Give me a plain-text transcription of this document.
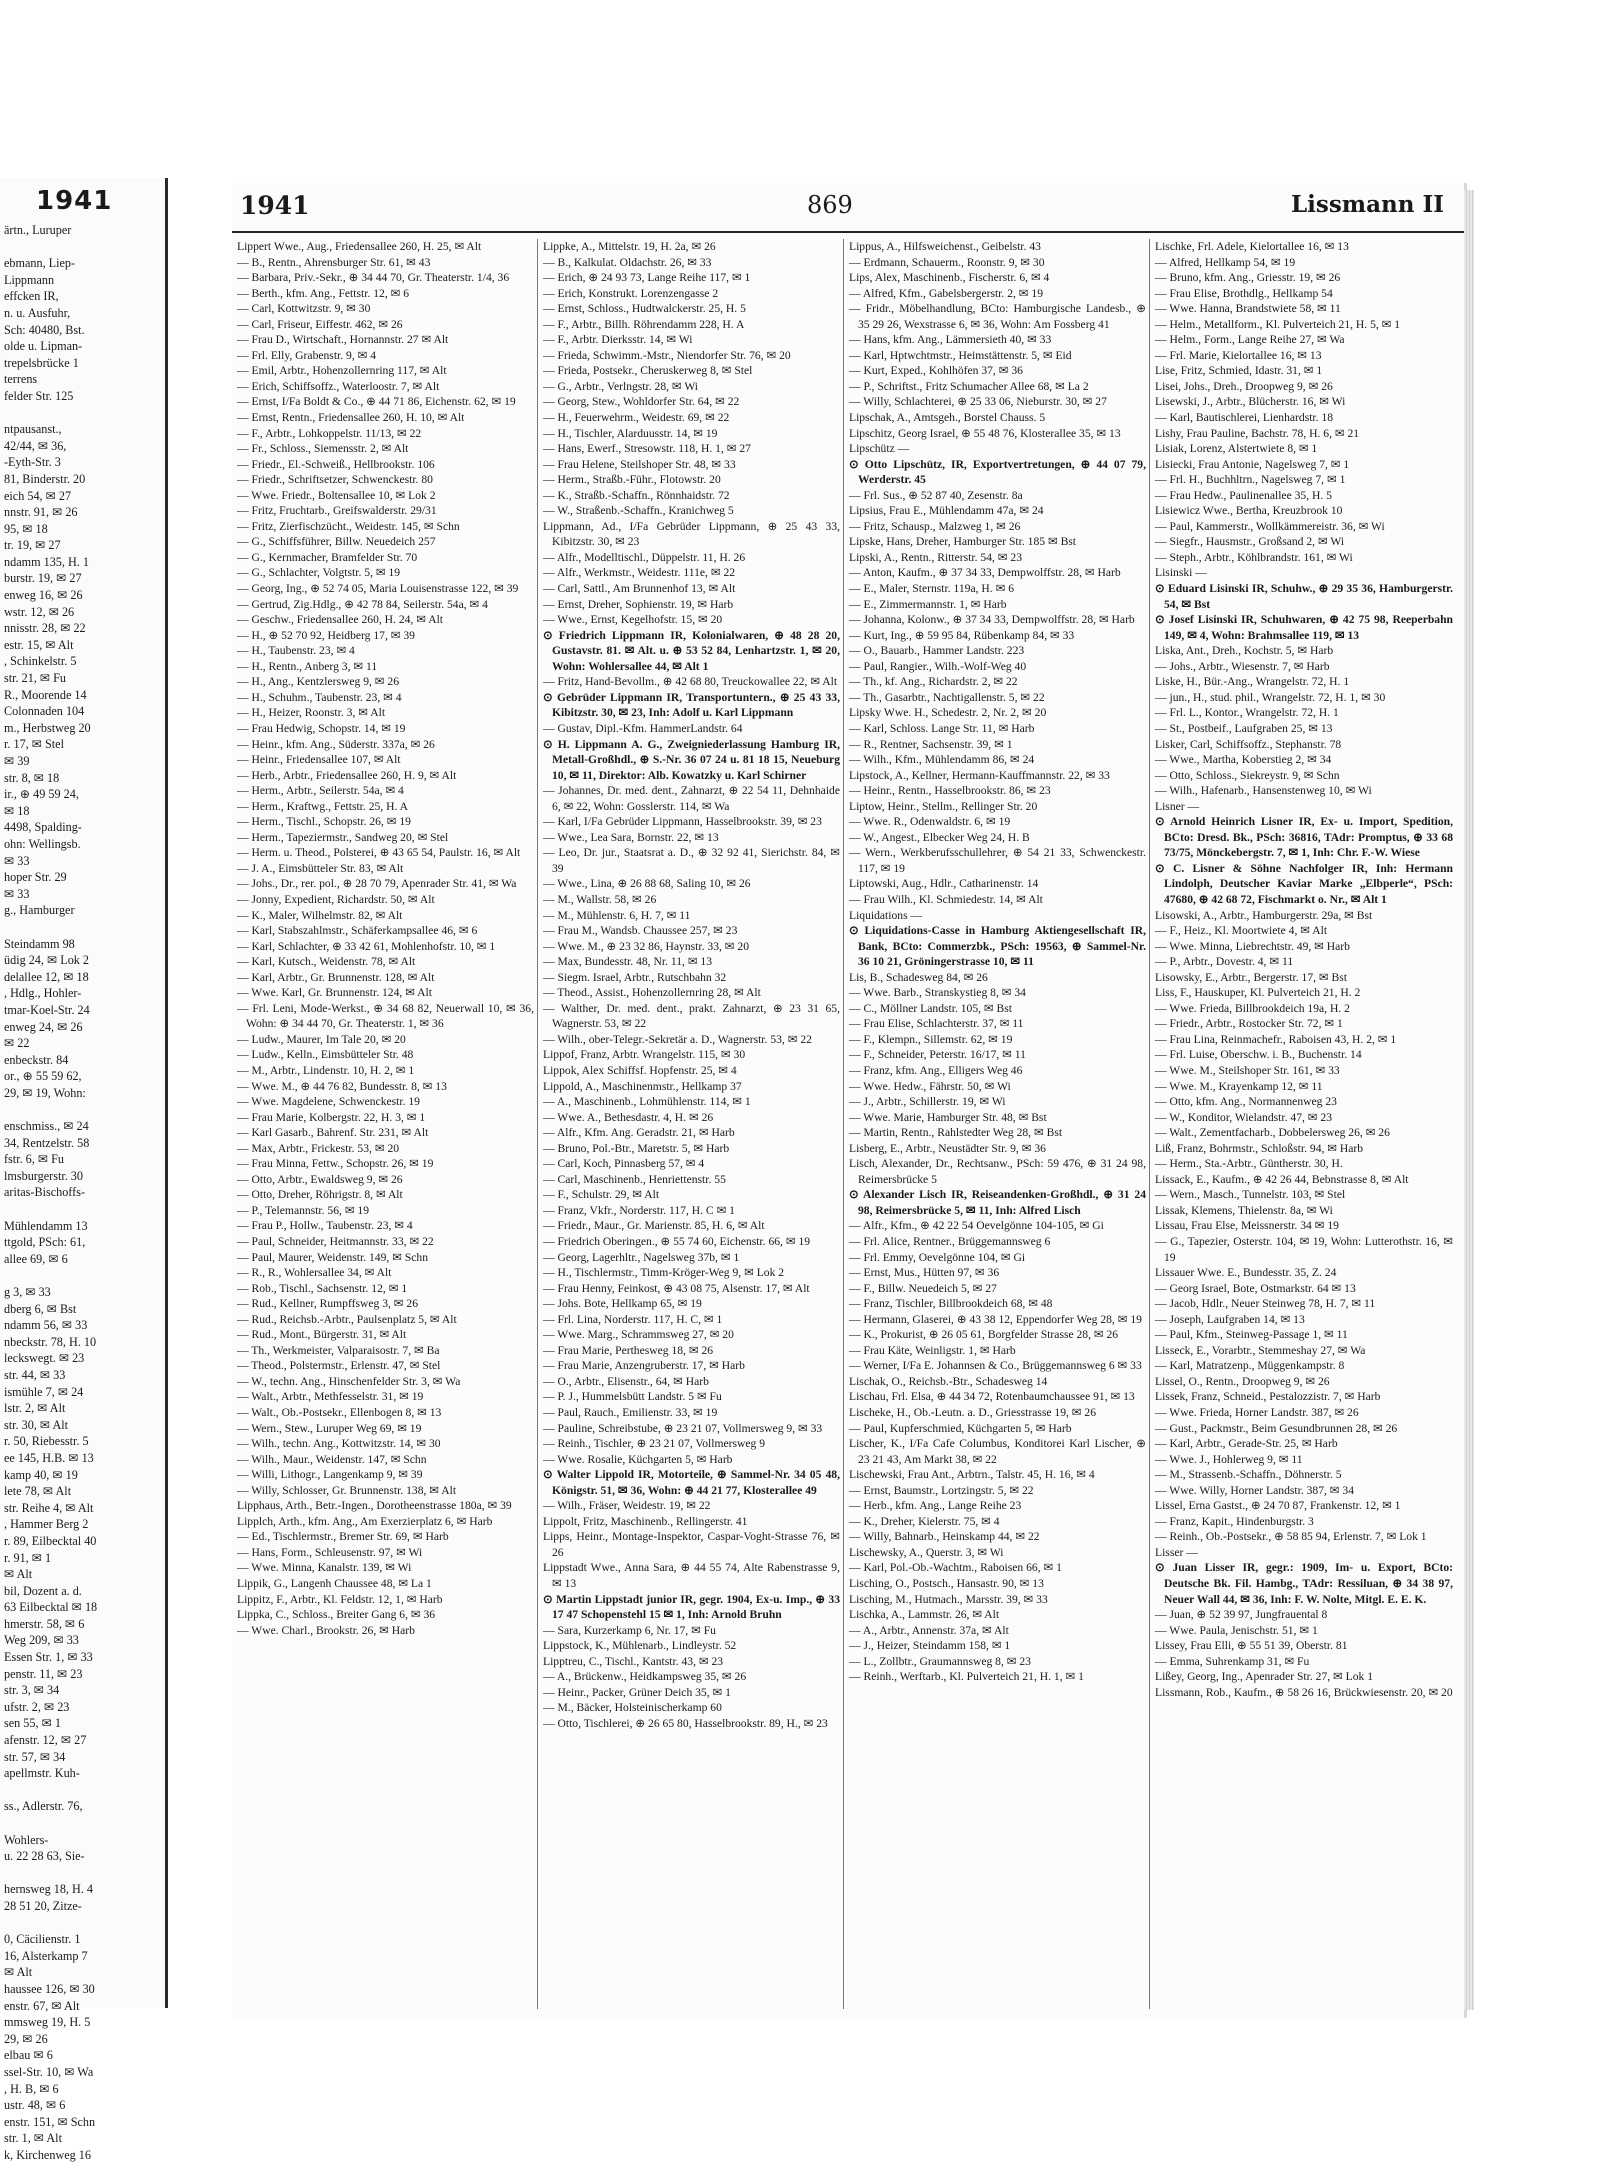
1941
ärtn., Luruper

ebmann, Liep-
Lippmann
effcken IR,
n. u. Ausfuhr,
Sch: 40480, Bst.
olde u. Lipman-
trepelsbrücke 1
terrens
felder Str. 125

ntpausanst.,
42/44, ✉ 36,
-Eyth-Str. 3
81, Binderstr. 20
eich 54, ✉ 27
nnstr. 91, ✉ 26
95, ✉ 18
tr. 19, ✉ 27
ndamm 135, H. 1
burstr. 19, ✉ 27
enweg 16, ✉ 26
wstr. 12, ✉ 26
nnisstr. 28, ✉ 22
estr. 15, ✉ Alt
, Schinkelstr. 5
str. 21, ✉ Fu
R., Moorende 14
Colonnaden 104
m., Herbstweg 20
r. 17, ✉ Stel
✉ 39
str. 8, ✉ 18
ir., ⊕ 49 59 24,
✉ 18
4498, Spalding-
ohn: Wellingsb.
✉ 33
hoper Str. 29
✉ 33
g., Hamburger

Steindamm 98
üdig 24, ✉ Lok 2
delallee 12, ✉ 18
, Hdlg., Hohler-
tmar-Koel-Str. 24
enweg 24, ✉ 26
✉ 22
enbeckstr. 84
or., ⊕ 55 59 62,
29, ✉ 19, Wohn:

enschmiss., ✉ 24
34, Rentzelstr. 58
fstr. 6, ✉ Fu
lmsburgerstr. 30
aritas-Bischoffs-

Mühlendamm 13
ttgold, PSch: 61,
allee 69, ✉ 6

g 3, ✉ 33
dberg 6, ✉ Bst
ndamm 56, ✉ 33
nbeckstr. 78, H. 10
leckswegt. ✉ 23
str. 44, ✉ 33
ismühle 7, ✉ 24
lstr. 2, ✉ Alt
str. 30, ✉ Alt
r. 50, Riebesstr. 5
ee 145, H.B. ✉ 13
kamp 40, ✉ 19
lete 78, ✉ Alt
str. Reihe 4, ✉ Alt
, Hammer Berg 2
r. 89, Eilbecktal 40
r. 91, ✉ 1
✉ Alt
bil, Dozent a. d.
63 Eilbecktal ✉ 18
hmerstr. 58, ✉ 6
Weg 209, ✉ 33
Essen Str. 1, ✉ 33
penstr. 11, ✉ 23
str. 3, ✉ 34
ufstr. 2, ✉ 23
sen 55, ✉ 1
afenstr. 12, ✉ 27
str. 57, ✉ 34
apellmstr. Kuh-

ss., Adlerstr. 76,

Wohlers-
u. 22 28 63, Sie-

hernsweg 18, H. 4
28 51 20, Zitze-

0, Cäcilienstr. 1
16, Alsterkamp 7
✉ Alt
haussee 126, ✉ 30
enstr. 67, ✉ Alt
mmsweg 19, H. 5
29, ✉ 26
elbau ✉ 6
ssel-Str. 10, ✉ Wa
, H. B, ✉ 6
ustr. 48, ✉ 6
enstr. 151, ✉ Schn
str. 1, ✉ Alt
k, Kirchenweg 16
1941	869	Lissmann II

Lippert Wwe., Aug., Friedensallee 260, H. 25, ✉ Alt

— B., Rentn., Ahrensburger Str. 61, ✉ 43

— Barbara, Priv.-Sekr., ⊕ 34 44 70, Gr. Theaterstr. 1/4, 36

— Berth., kfm. Ang., Fettstr. 12, ✉ 6

— Carl, Kottwitzstr. 9, ✉ 30

— Carl, Friseur, Eiffestr. 462, ✉ 26

— Frau D., Wirtschaft., Hornannstr. 27 ✉ Alt

— Frl. Elly, Grabenstr. 9, ✉ 4

— Emil, Arbtr., Hohenzollernring 117, ✉ Alt

— Erich, Schiffsoffz., Waterloostr. 7, ✉ Alt

— Ernst, I/Fa Boldt & Co., ⊕ 44 71 86, Eichenstr. 62, ✉ 19

— Ernst, Rentn., Friedensallee 260, H. 10, ✉ Alt

— F., Arbtr., Lohkoppelstr. 11/13, ✉ 22

— Fr., Schloss., Siemensstr. 2, ✉ Alt

— Friedr., El.-Schweiß., Hellbrookstr. 106

— Friedr., Schriftsetzer, Schwenckestr. 80

— Wwe. Friedr., Boltensallee 10, ✉ Lok 2

— Fritz, Fruchtarb., Greifswalderstr. 29/31

— Fritz, Zierfischzücht., Weidestr. 145, ✉ Schn

— G., Schiffsführer, Billw. Neuedeich 257

— G., Kernmacher, Bramfelder Str. 70

— G., Schlachter, Volgtstr. 5, ✉ 19

— Georg, Ing., ⊕ 52 74 05, Maria Louisenstrasse 122, ✉ 39

— Gertrud, Zig.Hdlg., ⊕ 42 78 84, Seilerstr. 54a, ✉ 4

— Geschw., Friedensallee 260, H. 24, ✉ Alt

— H., ⊕ 52 70 92, Heidberg 17, ✉ 39

— H., Taubenstr. 23, ✉ 4

— H., Rentn., Anberg 3, ✉ 11

— H., Ang., Kentzlersweg 9, ✉ 26

— H., Schuhm., Taubenstr. 23, ✉ 4

— H., Heizer, Roonstr. 3, ✉ Alt

— Frau Hedwig, Schopstr. 14, ✉ 19

— Heinr., kfm. Ang., Süderstr. 337a, ✉ 26

— Heinr., Friedensallee 107, ✉ Alt

— Herb., Arbtr., Friedensallee 260, H. 9, ✉ Alt

— Herm., Arbtr., Seilerstr. 54a, ✉ 4

— Herm., Kraftwg., Fettstr. 25, H. A

— Herm., Tischl., Schopstr. 26, ✉ 19

— Herm., Tapeziermstr., Sandweg 20, ✉ Stel

— Herm. u. Theod., Polsterei, ⊕ 43 65 54, Paulstr. 16, ✉ Alt

— J. A., Eimsbütteler Str. 83, ✉ Alt

— Johs., Dr., rer. pol., ⊕ 28 70 79, Apenrader Str. 41, ✉ Wa

— Jonny, Expedient, Richardstr. 50, ✉ Alt

— K., Maler, Wilhelmstr. 82, ✉ Alt

— Karl, Stabszahlmstr., Schäferkampsallee 46, ✉ 6

— Karl, Schlachter, ⊕ 33 42 61, Mohlenhofstr. 10, ✉ 1

— Karl, Kutsch., Weidenstr. 78, ✉ Alt

— Karl, Arbtr., Gr. Brunnenstr. 128, ✉ Alt

— Wwe. Karl, Gr. Brunnenstr. 124, ✉ Alt

— Frl. Leni, Mode-Werkst., ⊕ 34 68 82, Neuerwall 10, ✉ 36, Wohn: ⊕ 34 44 70, Gr. Theaterstr. 1, ✉ 36

— Ludw., Maurer, Im Tale 20, ✉ 20

— Ludw., Kelln., Eimsbütteler Str. 48

— M., Arbtr., Lindenstr. 10, H. 2, ✉ 1

— Wwe. M., ⊕ 44 76 82, Bundesstr. 8, ✉ 13

— Wwe. Magdelene, Schwenckestr. 19

— Frau Marie, Kolbergstr. 22, H. 3, ✉ 1

— Karl Gasarb., Bahrenf. Str. 231, ✉ Alt

— Max, Arbtr., Frickestr. 53, ✉ 20

— Frau Minna, Fettw., Schopstr. 26, ✉ 19

— Otto, Arbtr., Ewaldsweg 9, ✉ 26

— Otto, Dreher, Röhrigstr. 8, ✉ Alt

— P., Telemannstr. 56, ✉ 19

— Frau P., Hollw., Taubenstr. 23, ✉ 4

— Paul, Schneider, Heitmannstr. 33, ✉ 22

— Paul, Maurer, Weidenstr. 149, ✉ Schn

— R., R., Wohlersallee 34, ✉ Alt

— Rob., Tischl., Sachsenstr. 12, ✉ 1

— Rud., Kellner, Rumpffsweg 3, ✉ 26

— Rud., Reichsb.-Arbtr., Paulsenplatz 5, ✉ Alt

— Rud., Mont., Bürgerstr. 31, ✉ Alt

— Th., Werkmeister, Valparaisostr. 7, ✉ Ba

— Theod., Polstermstr., Erlenstr. 47, ✉ Stel

— W., techn. Ang., Hinschenfelder Str. 3, ✉ Wa

— Walt., Arbtr., Methfesselstr. 31, ✉ 19

— Walt., Ob.-Postsekr., Ellenbogen 8, ✉ 13

— Wern., Stew., Luruper Weg 69, ✉ 19

— Wilh., techn. Ang., Kottwitzstr. 14, ✉ 30

— Wilh., Maur., Weidenstr. 147, ✉ Schn

— Willi, Lithogr., Langenkamp 9, ✉ 39

— Willy, Schlosser, Gr. Brunnenstr. 138, ✉ Alt

Lipphaus, Arth., Betr.-Ingen., Dorotheenstrasse 180a, ✉ 39

Lipplch, Arth., kfm. Ang., Am Exerzierplatz 6, ✉ Harb

— Ed., Tischlermstr., Bremer Str. 69, ✉ Harb

— Hans, Form., Schleusenstr. 97, ✉ Wi

— Wwe. Minna, Kanalstr. 139, ✉ Wi

Lippik, G., Langenh Chaussee 48, ✉ La 1

Lippitz, F., Arbtr., Kl. Feldstr. 12, 1, ✉ Harb

Lippka, C., Schloss., Breiter Gang 6, ✉ 36

— Wwe. Charl., Brookstr. 26, ✉ Harb

Lippke, A., Mittelstr. 19, H. 2a, ✉ 26

— B., Kalkulat. Oldachstr. 26, ✉ 33

— Erich, ⊕ 24 93 73, Lange Reihe 117, ✉ 1

— Erich, Konstrukt. Lorenzengasse 2

— Ernst, Schloss., Hudtwalckerstr. 25, H. 5

— F., Arbtr., Billh. Röhrendamm 228, H. A

— F., Arbtr. Dierksstr. 14, ✉ Wi

— Frieda, Schwimm.-Mstr., Niendorfer Str. 76, ✉ 20

— Frieda, Postsekr., Cheruskerweg 8, ✉ Stel

— G., Arbtr., Verlngstr. 28, ✉ Wi

— Georg, Stew., Wohldorfer Str. 64, ✉ 22

— H., Feuerwehrm., Weidestr. 69, ✉ 22

— H., Tischler, Alarduusstr. 14, ✉ 19

— Hans, Ewerf., Stresowstr. 118, H. 1, ✉ 27

— Frau Helene, Steilshoper Str. 48, ✉ 33

— Herm., Straßb.-Führ., Flotowstr. 20

— K., Straßb.-Schaffn., Rönnhaidstr. 72

— W., Straßenb.-Schaffn., Kranichweg 5

Lippmann, Ad., I/Fa Gebrüder Lippmann, ⊕ 25 43 33, Kibitzstr. 30, ✉ 23

— Alfr., Modelltischl., Düppelstr. 11, H. 26

— Alfr., Werkmstr., Weidestr. 111e, ✉ 22

— Carl, Sattl., Am Brunnenhof 13, ✉ Alt

— Ernst, Dreher, Sophienstr. 19, ✉ Harb

— Wwe., Ernst, Kegelhofstr. 15, ✉ 20

⊙ Friedrich Lippmann IR, Kolonialwaren, ⊕ 48 28 20, Gustavstr. 81. ✉ Alt. u. ⊕ 53 52 84, Lenhartzstr. 1, ✉ 20, Wohn: Wohlersallee 44, ✉ Alt 1

— Fritz, Hand-Bevollm., ⊕ 42 68 80, Treuckowallee 22, ✉ Alt

⊙ Gebrüder Lippmann IR, Transportuntern., ⊕ 25 43 33, Kibitzstr. 30, ✉ 23, Inh: Adolf u. Karl Lippmann

— Gustav, Dipl.-Kfm. HammerLandstr. 64

⊙ H. Lippmann A. G., Zweigniederlassung Hamburg IR, Metall-Großhdl., ⊕ S.-Nr. 36 07 24 u. 81 18 15, Neueburg 10, ✉ 11, Direktor: Alb. Kowatzky u. Karl Schirner

— Johannes, Dr. med. dent., Zahnarzt, ⊕ 22 54 11, Dehnhaide 6, ✉ 22, Wohn: Gosslerstr. 114, ✉ Wa

— Karl, I/Fa Gebrüder Lippmann, Hasselbrookstr. 39, ✉ 23

— Wwe., Lea Sara, Bornstr. 22, ✉ 13

— Leo, Dr. jur., Staatsrat a. D., ⊕ 32 92 41, Sierichstr. 84, ✉ 39

— Wwe., Lina, ⊕ 26 88 68, Saling 10, ✉ 26

— M., Wallstr. 58, ✉ 26

— M., Mühlenstr. 6, H. 7, ✉ 11

— Frau M., Wandsb. Chaussee 257, ✉ 23

— Wwe. M., ⊕ 23 32 86, Haynstr. 33, ✉ 20

— Max, Bundesstr. 48, Nr. 11, ✉ 13

— Siegm. Israel, Arbtr., Rutschbahn 32

— Theod., Assist., Hohenzollernring 28, ✉ Alt

— Walther, Dr. med. dent., prakt. Zahnarzt, ⊕ 23 31 65, Wagnerstr. 53, ✉ 22

— Wilh., ober-Telegr.-Sekretär a. D., Wagnerstr. 53, ✉ 22

Lippof, Franz, Arbtr. Wrangelstr. 115, ✉ 30

Lippok, Alex Schiffsf. Hopfenstr. 25, ✉ 4

Lippold, A., Maschinenmstr., Hellkamp 37

— A., Maschinenb., Lohmühlenstr. 114, ✉ 1

— Wwe. A., Bethesdastr. 4, H. ✉ 26

— Alfr., Kfm. Ang. Geradstr. 21, ✉ Harb

— Bruno, Pol.-Btr., Maretstr. 5, ✉ Harb

— Carl, Koch, Pinnasberg 57, ✉ 4

— Carl, Maschinenb., Henriettenstr. 55

— F., Schulstr. 29, ✉ Alt

— Franz, Vkfr., Norderstr. 117, H. C ✉ 1

— Friedr., Maur., Gr. Marienstr. 85, H. 6, ✉ Alt

— Friedrich Oberingen., ⊕ 55 74 60, Eichenstr. 66, ✉ 19

— Georg, Lagerhltr., Nagelsweg 37b, ✉ 1

— H., Tischlermstr., Timm-Kröger-Weg 9, ✉ Lok 2

— Frau Henny, Feinkost, ⊕ 43 08 75, Alsenstr. 17, ✉ Alt

— Johs. Bote, Hellkamp 65, ✉ 19

— Frl. Lina, Norderstr. 117, H. C, ✉ 1

— Wwe. Marg., Schrammsweg 27, ✉ 20

— Frau Marie, Perthesweg 18, ✉ 26

— Frau Marie, Anzengruberstr. 17, ✉ Harb

— O., Arbtr., Elisenstr., 64, ✉ Harb

— P. J., Hummelsbütt Landstr. 5 ✉ Fu

— Paul, Rauch., Emilienstr. 33, ✉ 19

— Pauline, Schreibstube, ⊕ 23 21 07, Vollmersweg 9, ✉ 33

— Reinh., Tischler, ⊕ 23 21 07, Vollmersweg 9

— Wwe. Rosalie, Küchgarten 5, ✉ Harb

⊙ Walter Lippold IR, Motorteile, ⊕ Sammel-Nr. 34 05 48, Königstr. 51, ✉ 36, Wohn: ⊕ 44 21 77, Klosterallee 49

— Wilh., Fräser, Weidestr. 19, ✉ 22

Lippolt, Fritz, Maschinenb., Rellingerstr. 41

Lipps, Heinr., Montage-Inspektor, Caspar-Voght-Strasse 76, ✉ 26

Lippstadt Wwe., Anna Sara, ⊕ 44 55 74, Alte Rabenstrasse 9, ✉ 13

⊙ Martin Lippstadt junior IR, gegr. 1904, Ex-u. Imp., ⊕ 33 17 47 Schopenstehl 15 ✉ 1, Inh: Arnold Bruhn

— Sara, Kurzerkamp 6, Nr. 17, ✉ Fu

Lippstock, K., Mühlenarb., Lindleystr. 52

Lipptreu, C., Tischl., Kantstr. 43, ✉ 23

— A., Brückenw., Heidkampsweg 35, ✉ 26

— Heinr., Packer, Grüner Deich 35, ✉ 1

— M., Bäcker, Holsteinischerkamp 60

— Otto, Tischlerei, ⊕ 26 65 80, Hasselbrookstr. 89, H., ✉ 23

Lippus, A., Hilfsweichenst., Geibelstr. 43

— Erdmann, Schauerm., Roonstr. 9, ✉ 30

Lips, Alex, Maschinenb., Fischerstr. 6, ✉ 4

— Alfred, Kfm., Gabelsbergerstr. 2, ✉ 19

— Fridr., Möbelhandlung, BCto: Hamburgische Landesb., ⊕ 35 29 26, Wexstrasse 6, ✉ 36, Wohn: Am Fossberg 41

— Hans, kfm. Ang., Lämmersieth 40, ✉ 33

— Karl, Hptwchtmstr., Heimstättenstr. 5, ✉ Eid

— Kurt, Exped., Kohlhöfen 37, ✉ 36

— P., Schriftst., Fritz Schumacher Allee 68, ✉ La 2

— Willy, Schlachterei, ⊕ 25 33 06, Nieburstr. 30, ✉ 27

Lipschak, A., Amtsgeh., Borstel Chauss. 5

Lipschitz, Georg Israel, ⊕ 55 48 76, Klosterallee 35, ✉ 13

Lipschütz —

⊙ Otto Lipschütz, IR, Exportvertretungen, ⊕ 44 07 79, Werderstr. 45

— Frl. Sus., ⊕ 52 87 40, Zesenstr. 8a

Lipsius, Frau E., Mühlendamm 47a, ✉ 24

— Fritz, Schausp., Malzweg 1, ✉ 26

Lipske, Hans, Dreher, Hamburger Str. 185 ✉ Bst

Lipski, A., Rentn., Ritterstr. 54, ✉ 23

— Anton, Kaufm., ⊕ 37 34 33, Dempwolffstr. 28, ✉ Harb

— E., Maler, Sternstr. 119a, H. ✉ 6

— E., Zimmermannstr. 1, ✉ Harb

— Johanna, Kolonw., ⊕ 37 34 33, Dempwolffstr. 28, ✉ Harb

— Kurt, Ing., ⊕ 59 95 84, Rübenkamp 84, ✉ 33

— O., Bauarb., Hammer Landstr. 223

— Paul, Rangier., Wilh.-Wolf-Weg 40

— Th., kf. Ang., Richardstr. 2, ✉ 22

— Th., Gasarbtr., Nachtigallenstr. 5, ✉ 22

Lipsky Wwe. H., Schedestr. 2, Nr. 2, ✉ 20

— Karl, Schloss. Lange Str. 11, ✉ Harb

— R., Rentner, Sachsenstr. 39, ✉ 1

— Wilh., Kfm., Mühlendamm 86, ✉ 24

Lipstock, A., Kellner, Hermann-Kauffmannstr. 22, ✉ 33

— Heinr., Rentn., Hasselbrookstr. 86, ✉ 23

Liptow, Heinr., Stellm., Rellinger Str. 20

— Wwe. R., Odenwaldstr. 6, ✉ 19

— W., Angest., Elbecker Weg 24, H. B

— Wern., Werkberufsschullehrer, ⊕ 54 21 33, Schwenckestr. 117, ✉ 19

Liptowski, Aug., Hdlr., Catharinenstr. 14

— Frau Wilh., Kl. Schmiedestr. 14, ✉ Alt

Liquidations —

⊙ Liquidations-Casse in Hamburg Aktiengesellschaft IR, Bank, BCto: Commerzbk., PSch: 19563, ⊕ Sammel-Nr. 36 10 21, Gröningerstrasse 10, ✉ 11

Lis, B., Schadesweg 84, ✉ 26

— Wwe. Barb., Stranskystieg 8, ✉ 34

— C., Möllner Landstr. 105, ✉ Bst

— Frau Elise, Schlachterstr. 37, ✉ 11

— F., Klempn., Sillemstr. 62, ✉ 19

— F., Schneider, Peterstr. 16/17, ✉ 11

— Franz, kfm. Ang., Elligers Weg 46

— Wwe. Hedw., Fährstr. 50, ✉ Wi

— J., Arbtr., Schillerstr. 19, ✉ Wi

— Wwe. Marie, Hamburger Str. 48, ✉ Bst

— Martin, Rentn., Rahlstedter Weg 28, ✉ Bst

Lisberg, E., Arbtr., Neustädter Str. 9, ✉ 36

Lisch, Alexander, Dr., Rechtsanw., PSch: 59 476, ⊕ 31 24 98, Reimersbrücke 5

⊙ Alexander Lisch IR, Reiseandenken-Großhdl., ⊕ 31 24 98, Reimersbrücke 5, ✉ 11, Inh: Alfred Lisch

— Alfr., Kfm., ⊕ 42 22 54 Oevelgönne 104-105, ✉ Gi

— Frl. Alice, Rentner., Brüggemannsweg 6

— Frl. Emmy, Oevelgönne 104, ✉ Gi

— Ernst, Mus., Hütten 97, ✉ 36

— F., Billw. Neuedeich 5, ✉ 27

— Franz, Tischler, Billbrookdeich 68, ✉ 48

— Hermann, Glaserei, ⊕ 43 38 12, Eppendorfer Weg 28, ✉ 19

— K., Prokurist, ⊕ 26 05 61, Borgfelder Strasse 28, ✉ 26

— Frau Käte, Weinligstr. 1, ✉ Harb

— Werner, I/Fa E. Johannsen & Co., Brüggemannsweg 6 ✉ 33

Lischak, O., Reichsb.-Btr., Schadesweg 14

Lischau, Frl. Elsa, ⊕ 44 34 72, Rotenbaumchaussee 91, ✉ 13

Lischeke, H., Ob.-Leutn. a. D., Griesstrasse 19, ✉ 26

— Paul, Kupferschmied, Küchgarten 5, ✉ Harb

Lischer, K., I/Fa Cafe Columbus, Konditorei Karl Lischer, ⊕ 23 21 43, Am Markt 38, ✉ 22

Lischewski, Frau Ant., Arbtrn., Talstr. 45, H. 16, ✉ 4

— Ernst, Baumstr., Lortzingstr. 5, ✉ 22

— Herb., kfm. Ang., Lange Reihe 23

— K., Dreher, Kielerstr. 75, ✉ 4

— Willy, Bahnarb., Heinskamp 44, ✉ 22

Lischewsky, A., Querstr. 3, ✉ Wi

— Karl, Pol.-Ob.-Wachtm., Raboisen 66, ✉ 1

Lisching, O., Postsch., Hansastr. 90, ✉ 13

Lisching, M., Hutmach., Marsstr. 39, ✉ 33

Lischka, A., Lammstr. 26, ✉ Alt

— A., Arbtr., Annenstr. 37a, ✉ Alt

— J., Heizer, Steindamm 158, ✉ 1

— L., Zollbtr., Graumannsweg 8, ✉ 23

— Reinh., Werftarb., Kl. Pulverteich 21, H. 1, ✉ 1

Lischke, Frl. Adele, Kielortallee 16, ✉ 13

— Alfred, Hellkamp 54, ✉ 19

— Bruno, kfm. Ang., Griesstr. 19, ✉ 26

— Frau Elise, Brothdlg., Hellkamp 54

— Wwe. Hanna, Brandstwiete 58, ✉ 11

— Helm., Metallform., Kl. Pulverteich 21, H. 5, ✉ 1

— Helm., Form., Lange Reihe 27, ✉ Wa

— Frl. Marie, Kielortallee 16, ✉ 13

Lise, Fritz, Schmied, Idastr. 31, ✉ 1

Lisei, Johs., Dreh., Droopweg 9, ✉ 26

Lisewski, J., Arbtr., Blücherstr. 16, ✉ Wi

— Karl, Bautischlerei, Lienhardstr. 18

Lishy, Frau Pauline, Bachstr. 78, H. 6, ✉ 21

Lisiak, Lorenz, Alstertwiete 8, ✉ 1

Lisiecki, Frau Antonie, Nagelsweg 7, ✉ 1

— Frl. H., Buchhltrn., Nagelsweg 7, ✉ 1

— Frau Hedw., Paulinenallee 35, H. 5

Lisiewicz Wwe., Bertha, Kreuzbrook 10

— Paul, Kammerstr., Wollkämmereistr. 36, ✉ Wi

— Siegfr., Hausmstr., Großsand 2, ✉ Wi

— Steph., Arbtr., Köhlbrandstr. 161, ✉ Wi

Lisinski —

⊙ Eduard Lisinski IR, Schuhw., ⊕ 29 35 36, Hamburgerstr. 54, ✉ Bst

⊙ Josef Lisinski IR, Schuhwaren, ⊕ 42 75 98, Reeperbahn 149, ✉ 4, Wohn: Brahmsallee 119, ✉ 13

Liska, Ant., Dreh., Kochstr. 5, ✉ Harb

— Johs., Arbtr., Wiesenstr. 7, ✉ Harb

Liske, H., Bür.-Ang., Wrangelstr. 72, H. 1

— jun., H., stud. phil., Wrangelstr. 72, H. 1, ✉ 30

— Frl. L., Kontor., Wrangelstr. 72, H. 1

— St., Postbeif., Laufgraben 25, ✉ 13

Lisker, Carl, Schiffsoffz., Stephanstr. 78

— Wwe., Martha, Koberstieg 2, ✉ 34

— Otto, Schloss., Siekreystr. 9, ✉ Schn

— Wilh., Hafenarb., Hansenstenweg 10, ✉ Wi

Lisner —

⊙ Arnold Heinrich Lisner IR, Ex- u. Import, Spedition, BCto: Dresd. Bk., PSch: 36816, TAdr: Promptus, ⊕ 33 68 73/75, Mönckebergstr. 7, ✉ 1, Inh: Chr. F.-W. Wiese

⊙ C. Lisner & Söhne Nachfolger IR, Inh: Hermann Lindolph, Deutscher Kaviar Marke „Elbperle“, PSch: 47680, ⊕ 42 68 72, Fischmarkt o. Nr., ✉ Alt 1

Lisowski, A., Arbtr., Hamburgerstr. 29a, ✉ Bst

— F., Heiz., Kl. Moortwiete 4, ✉ Alt

— Wwe. Minna, Liebrechtstr. 49, ✉ Harb

— P., Arbtr., Dovestr. 4, ✉ 11

Lisowsky, E., Arbtr., Bergerstr. 17, ✉ Bst

Liss, F., Hauskuper, Kl. Pulverteich 21, H. 2

— Wwe. Frieda, Billbrookdeich 19a, H. 2

— Friedr., Arbtr., Rostocker Str. 72, ✉ 1

— Frau Lina, Reinmachefr., Raboisen 43, H. 2, ✉ 1

— Frl. Luise, Oberschw. i. B., Buchenstr. 14

— Wwe. M., Steilshoper Str. 161, ✉ 33

— Wwe. M., Krayenkamp 12, ✉ 11

— Otto, kfm. Ang., Normannenweg 23

— W., Konditor, Wielandstr. 47, ✉ 23

— Walt., Zementfacharb., Dobbelersweg 26, ✉ 26

Liß, Franz, Bohrmstr., Schloßstr. 94, ✉ Harb

— Herm., Sta.-Arbtr., Güntherstr. 30, H.

Lissack, E., Kaufm., ⊕ 42 26 44, Bebnstrasse 8, ✉ Alt

— Wern., Masch., Tunnelstr. 103, ✉ Stel

Lissak, Klemens, Thielenstr. 8a, ✉ Wi

Lissau, Frau Else, Meissnerstr. 34 ✉ 19

— G., Tapezier, Osterstr. 104, ✉ 19, Wohn: Lutterothstr. 16, ✉ 19

Lissauer Wwe. E., Bundesstr. 35, Z. 24

— Georg Israel, Bote, Ostmarkstr. 64 ✉ 13

— Jacob, Hdlr., Neuer Steinweg 78, H. 7, ✉ 11

— Joseph, Laufgraben 14, ✉ 13

— Paul, Kfm., Steinweg-Passage 1, ✉ 11

Lisseck, E., Vorarbtr., Stemmeshay 27, ✉ Wa

— Karl, Matratzenp., Müggenkampstr. 8

Lissel, O., Rentn., Droopweg 9, ✉ 26

Lissek, Franz, Schneid., Pestalozzistr. 7, ✉ Harb

— Wwe. Frieda, Horner Landstr. 387, ✉ 26

— Gust., Packmstr., Beim Gesundbrunnen 28, ✉ 26

— Karl, Arbtr., Gerade-Str. 25, ✉ Harb

— Wwe. J., Hohlerweg 9, ✉ 11

— M., Strassenb.-Schaffn., Döhnerstr. 5

— Wwe. Willy, Horner Landstr. 387, ✉ 34

Lissel, Erna Gastst., ⊕ 24 70 87, Frankenstr. 12, ✉ 1

— Franz, Kapit., Hindenburgstr. 3

— Reinh., Ob.-Postsekr., ⊕ 58 85 94, Erlenstr. 7, ✉ Lok 1

Lisser —

⊙ Juan Lisser IR, gegr.: 1909, Im- u. Export, BCto: Deutsche Bk. Fil. Hambg., TAdr: Ressiluan, ⊕ 34 38 97, Neuer Wall 44, ✉ 36, Inh: F. W. Nolte, Mitgl. E. E. K.

— Juan, ⊕ 52 39 97, Jungfrauental 8

— Wwe. Paula, Jenischstr. 51, ✉ 1

Lissey, Frau Elli, ⊕ 55 51 39, Oberstr. 81

— Emma, Suhrenkamp 31, ✉ Fu

Lißey, Georg, Ing., Apenrader Str. 27, ✉ Lok 1

Lissmann, Rob., Kaufm., ⊕ 58 26 16, Brückwiesenstr. 20, ✉ 20
